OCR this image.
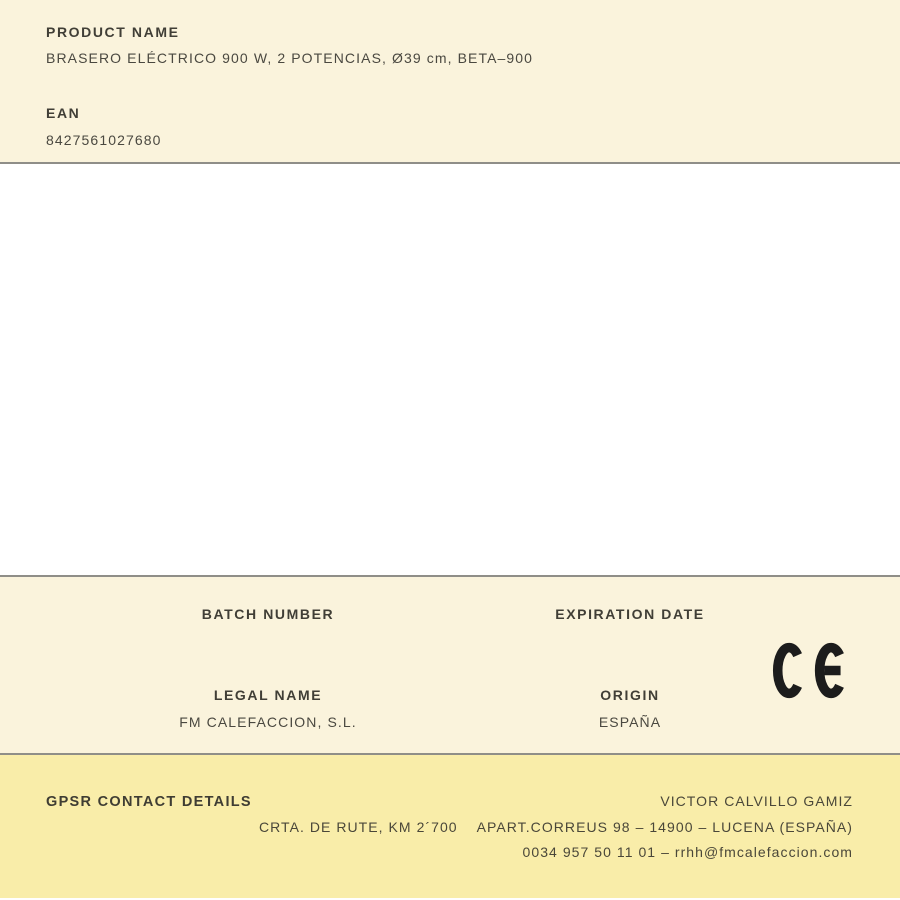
PRODUCT NAME
BRASERO ELÉCTRICO 900 W, 2 POTENCIAS, Ø39 cm, BETA–900
EAN
8427561027680
BATCH NUMBER	EXPIRATION DATE
LEGAL NAME
FM CALEFACCION, S.L.
ORIGIN
ESPAÑA
GPSR CONTACT DETAILS	VICTOR CALVILLO GAMIZ
CRTA. DE RUTE, KM 2´700 APART.CORREUS 98 – 14900 – LUCENA (ESPAÑA)
0034 957 50 11 01 – rrhh@fmcalefaccion.com
